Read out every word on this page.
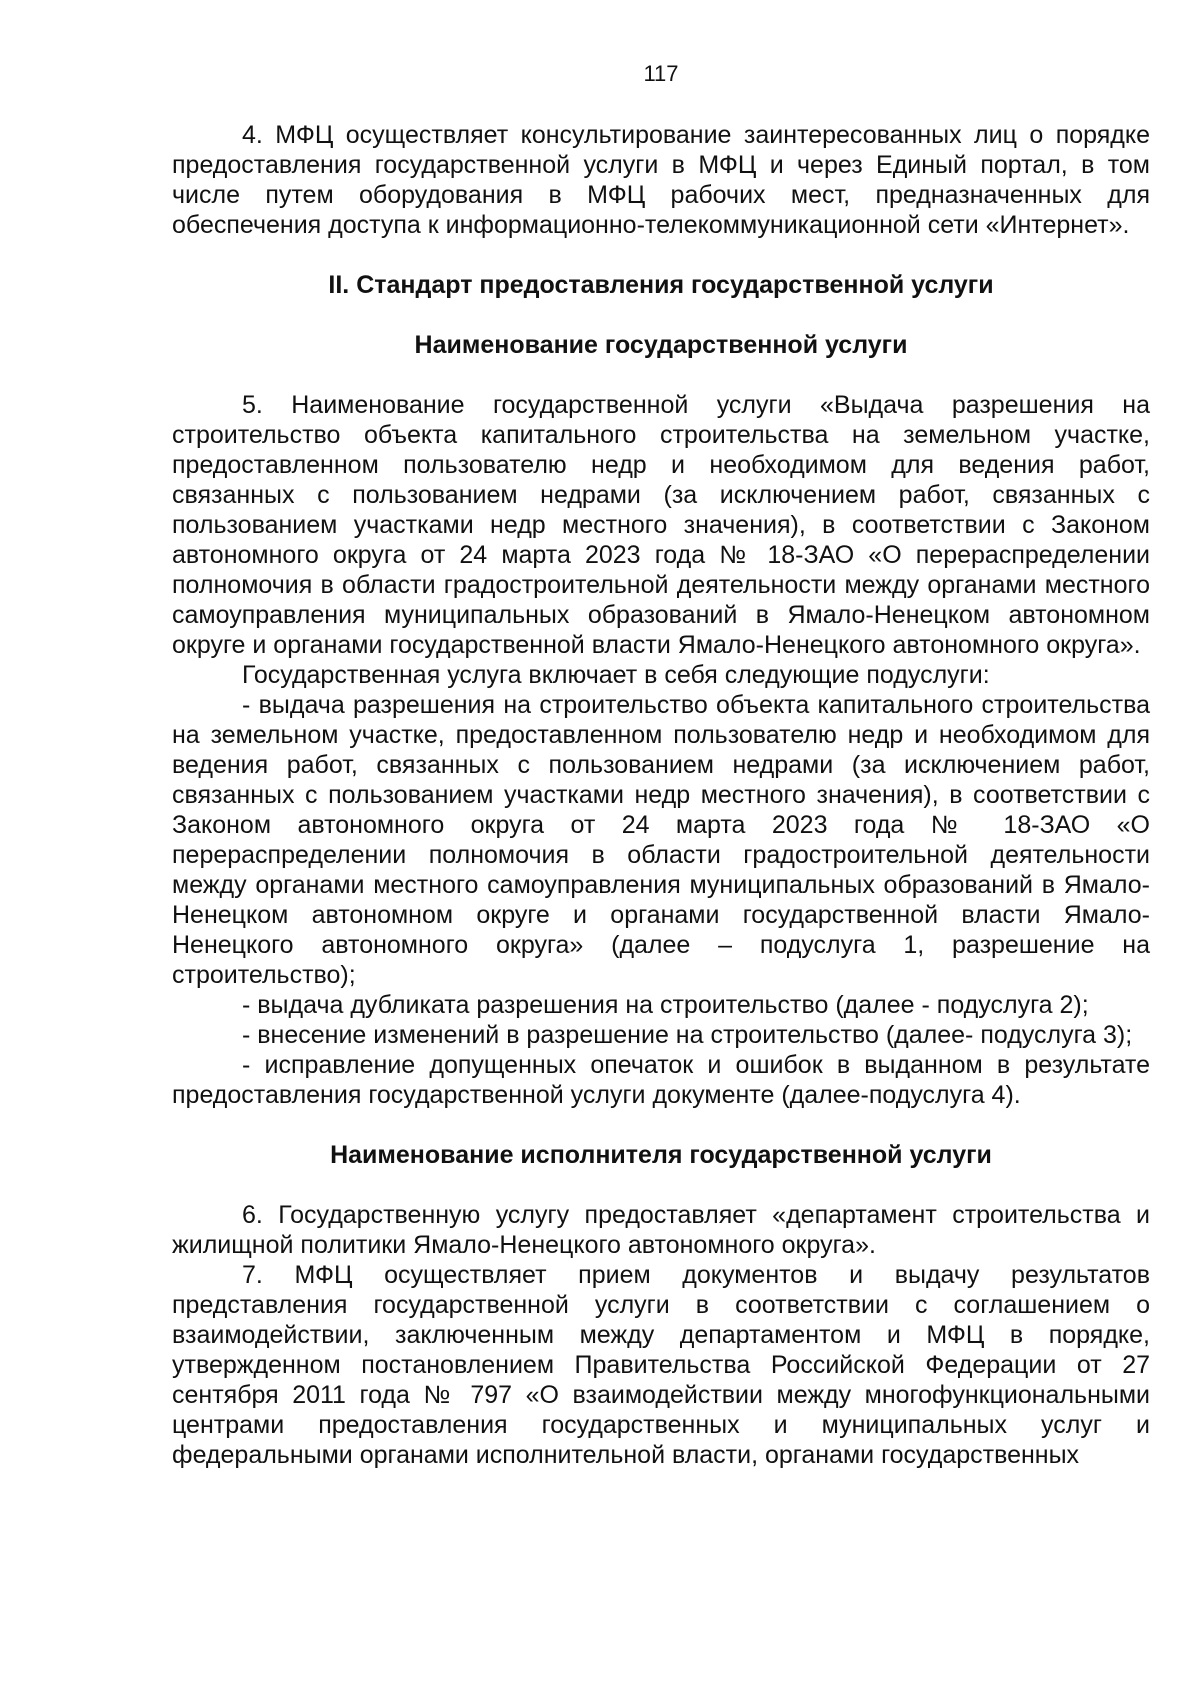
117

4. МФЦ осуществляет консультирование заинтересованных лиц о порядке предоставления государственной услуги в МФЦ и через Единый портал, в том числе путем оборудования в МФЦ рабочих мест, предназначенных для обеспечения доступа к информационно-телекоммуникационной сети «Интернет».

II. Стандарт предоставления государственной услуги
Наименование государственной услуги

5. Наименование государственной услуги «Выдача разрешения на строительство объекта капитального строительства на земельном участке, предоставленном пользователю недр и необходимом для ведения работ, связанных с пользованием недрами (за исключением работ, связанных с пользованием участками недр местного значения), в соответствии с Законом автономного округа от 24 марта 2023 года № 18-ЗАО «О перераспределении полномочия в области градостроительной деятельности между органами местного самоуправления муниципальных образований в Ямало-Ненецком автономном округе и органами государственной власти Ямало-Ненецкого автономного округа».

Государственная услуга включает в себя следующие подуслуги:

- выдача разрешения на строительство объекта капитального строительства на земельном участке, предоставленном пользователю недр и необходимом для ведения работ, связанных с пользованием недрами (за исключением работ, связанных с пользованием участками недр местного значения), в соответствии с Законом автономного округа от 24 марта 2023 года № 18-ЗАО «О перераспределении полномочия в области градостроительной деятельности между органами местного самоуправления муниципальных образований в Ямало-Ненецком автономном округе и органами государственной власти Ямало-Ненецкого автономного округа» (далее – подуслуга 1, разрешение на строительство);

- выдача дубликата разрешения на строительство (далее - подуслуга 2);

- внесение изменений в разрешение на строительство (далее- подуслуга 3);

- исправление допущенных опечаток и ошибок в выданном в результате предоставления государственной услуги документе (далее-подуслуга 4).

Наименование исполнителя государственной услуги

6. Государственную услугу предоставляет «департамент строительства и жилищной политики Ямало-Ненецкого автономного округа».

7. МФЦ осуществляет прием документов и выдачу результатов представления государственной услуги в соответствии с соглашением о взаимодействии, заключенным между департаментом и МФЦ в порядке, утвержденном постановлением Правительства Российской Федерации от 27 сентября 2011 года № 797 «О взаимодействии между многофункциональными центрами предоставления государственных и муниципальных услуг и федеральными органами исполнительной власти, органами государственных
